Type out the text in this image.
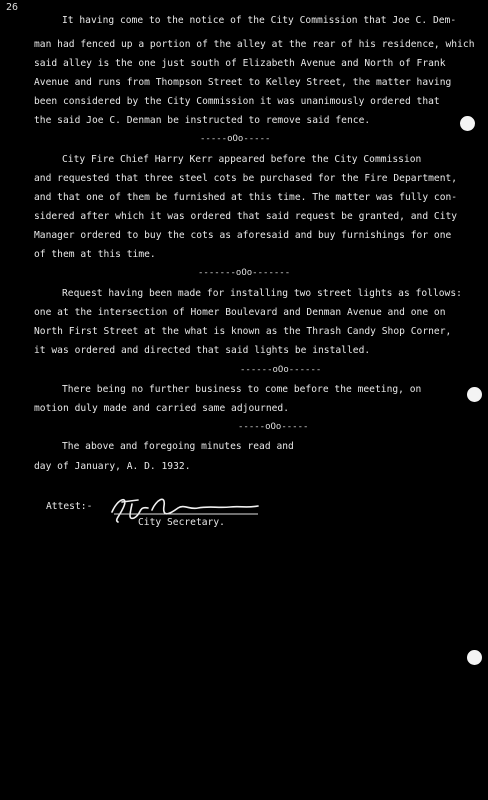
26
It having come to the notice of the City Commission that Joe C. Dem-
man had fenced up a portion of the alley at the rear of his residence, which
said alley is the one just south of Elizabeth Avenue and North of Frank
Avenue and runs from Thompson Street to Kelley Street, the matter having
been considered by the City Commission it was unanimously ordered that
the said Joe C. Denman be instructed to remove said fence.
-----oOo-----
City Fire Chief Harry Kerr appeared before the City Commission
and requested that three steel cots be purchased for the Fire Department,
and that one of them be furnished at this time. The matter was fully con-
sidered after which it was ordered that said request be granted, and City
Manager ordered to buy the cots as aforesaid and buy furnishings for one
of them at this time.
-------oOo-------
Request having been made for installing two street lights as follows:
one at the intersection of Homer Boulevard and Denman Avenue and one on
North First Street at the what is known as the Thrash Candy Shop Corner,
it was ordered and directed that said lights be installed.
------oOo------
There being no further business to come before the meeting, on
motion duly made and carried same adjourned.
-----oOo-----
The above and foregoing minutes read and
day of January, A. D. 1932.
Attest:-
City Secretary.
